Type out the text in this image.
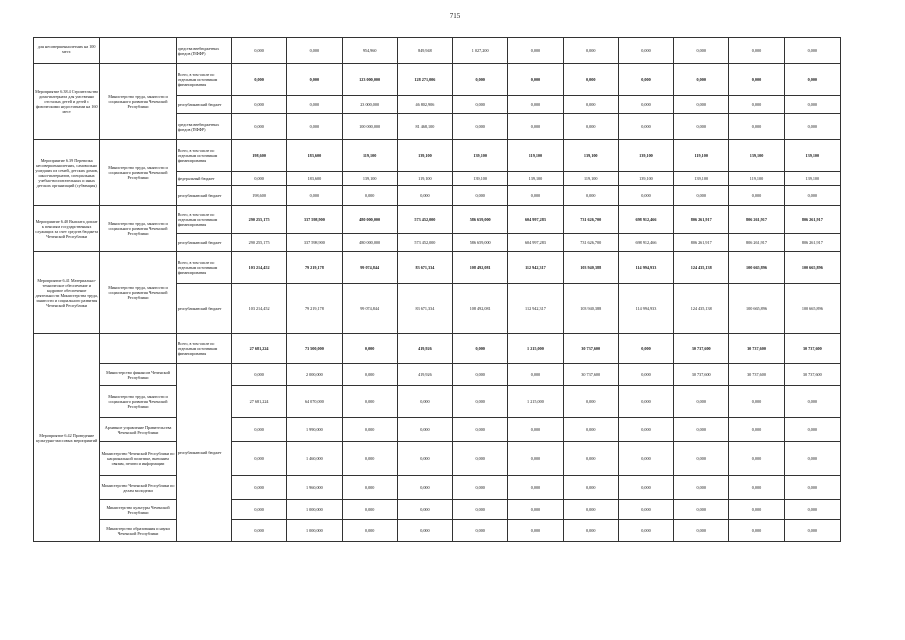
715
для несовершеннолетних на 100 мест.		средства внебюджетных фондов (ПФФР)	0,000	0,000	954,960	849,948	1 027,200	0,000	0,000	0,000	0,000	0,000	0,000
Мероприятие 6.38.4 Строительство дома-интерната для умственно отсталых детей и детей с физическими недостатками на 160 мест	Министерство труда, занятости и социального развития Чеченской Республики	Всего, в том числе по отдельным источникам финансирования	0,000	0,000	123 000,000	128 271,006	0,000	0,000	0,000	0,000	0,000	0,000	0,000
		республиканский бюджет	0,000	0,000	23 000,000	46 802,906	0,000	0,000	0,000	0,000	0,000	0,000	0,000
		средства внебюджетных фондов (ПФФР)	0,000	0,000	100 000,000	81 468,100	0,000	0,000	0,000	0,000	0,000	0,000	0,000
Мероприятие 6.39 Перевозка несовершеннолетних, самовольно ушедших из семей, детских домов, школ-интернатов, специальных учебно-воспитательных и иных детских организаций (субвенция)	Министерство труда, занятости и социального развития Чеченской Республики	Всего, в том числе по отдельным источникам финансирования	198,600	183,600	119,100	139,100	139,100	119,100	139,100	139,100	119,100	139,100	139,100
		федеральный бюджет	0,000	183,600	139,100	119,100	139,100	139,100	119,100	139,100	139,100	119,100	139,100
		республиканский бюджет	198,600	0,000	0,000	0,000	0,000	0,000	0,000	0,000	0,000	0,000	0,000
Мероприятие 6.40 Выплата доплат к пенсиям государственных служащих за счет средств бюджета Чеченской Республики	Министерство труда, занятости и социального развития Чеченской Республики	Всего, в том числе по отдельным источникам финансирования	290 255,175	337 598,900	480 000,000	573 452,000	586 659,000	604 997,283	731 626,700	698 912,466	806 261,917	806 261,917	806 261,917
		республиканский бюджет	290 255,175	337 598,900	480 000,000	573 452,000	586 659,000	604 997,283	731 626,700	698 912,466	806 261,917	806 261,917	806 261,917
Мероприятие 6.41 Материально-техническое обеспечение и кадровое обеспечение деятельности Министерства труда, занятости и социального развития Чеченской Республики	Министерство труда, занятости и социального развития Чеченской Республики	Всего, в том числе по отдельным источникам финансирования	103 214,452	79 219,178	99 074,844	83 671,334	108 492,081	112 942,317	103 940,388	114 994,933	124 435,138	100 665,896	100 665,896
		республиканский бюджет	103 214,452	79 219,178	99 074,844	83 671,334	108 492,081	112 942,317	103 940,388	114 994,933	124 435,138	100 665,896	100 665,896
Мероприятие 6.42 Проведение культурно-массовых мероприятий		Всего, в том числе по отдельным источникам финансирования	27 681,224	73 500,000	0,000	419,926	0,000	1 215,000	30 737,600	0,000	30 737,600	30 737,600	30 737,600
	Министерство финансов Чеченской Республики	республиканский бюджет	0,000	2 000,000	0,000	419,926	0,000	0,000	30 737,600	0,000	30 737,600	30 737,600	30 737,600
	Министерство труда, занятости и социального развития Чеченской Республики		27 681,224	64 070,000	0,000	0,000	0,000	1 215,000	0,000	0,000	0,000	0,000	0,000
	Архивное управление Правительства Чеченской Республики		0,000	1 990,000	0,000	0,000	0,000	0,000	0,000	0,000	0,000	0,000	0,000
	Министерство Чеченской Республики по национальной политике, внешним связям, печати и информации		0,000	1 460,000	0,000	0,000	0,000	0,000	0,000	0,000	0,000	0,000	0,000
	Министерство Чеченской Республики по делам молодежи		0,000	1 960,000	0,000	0,000	0,000	0,000	0,000	0,000	0,000	0,000	0,000
	Министерство культуры Чеченской Республики		0,000	1 000,000	0,000	0,000	0,000	0,000	0,000	0,000	0,000	0,000	0,000
	Министерство образования и науки Чеченской Республики		0,000	1 000,000	0,000	0,000	0,000	0,000	0,000	0,000	0,000	0,000	0,000
